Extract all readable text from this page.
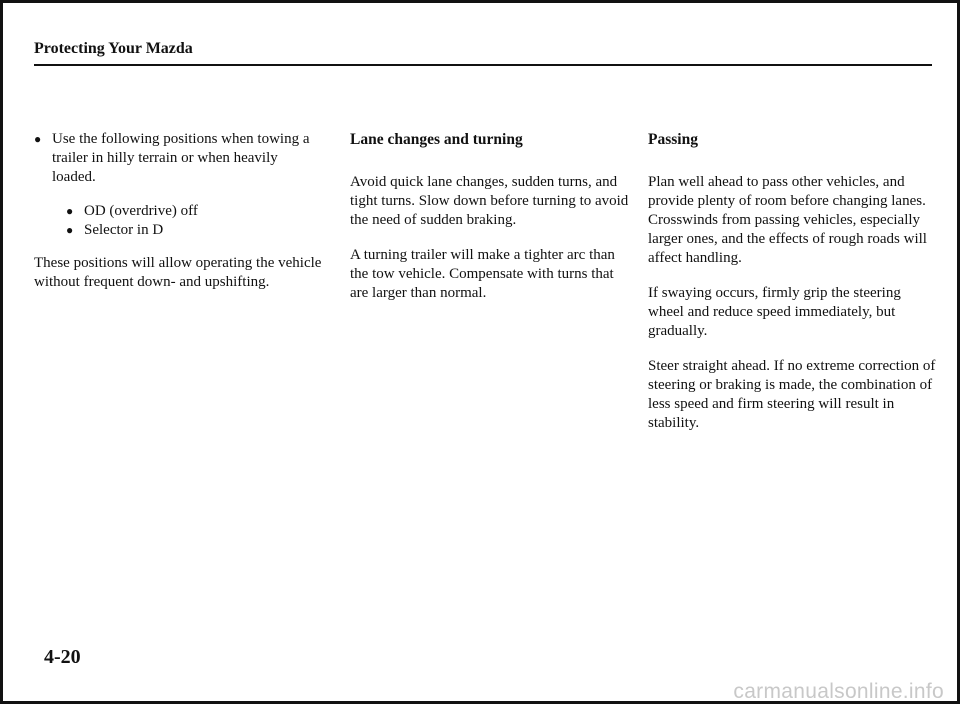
Protecting Your Mazda
● Use the following positions when towing a trailer in hilly terrain or when heavily loaded.
● OD (overdrive) off
● Selector in D

These positions will allow operating the vehicle without frequent down- and upshifting.

Lane changes and turning

Avoid quick lane changes, sudden turns, and tight turns. Slow down before turning to avoid the need of sudden braking.

A turning trailer will make a tighter arc than the tow vehicle. Compensate with turns that are larger than normal.

Passing

Plan well ahead to pass other vehicles, and provide plenty of room before changing lanes.
Crosswinds from passing vehicles, especially larger ones, and the effects of rough roads will affect handling.

If swaying occurs, firmly grip the steering wheel and reduce speed immediately, but gradually.

Steer straight ahead. If no extreme correction of steering or braking is made, the combination of less speed and firm steering will result in stability.

4-20
carmanualsonline.info
